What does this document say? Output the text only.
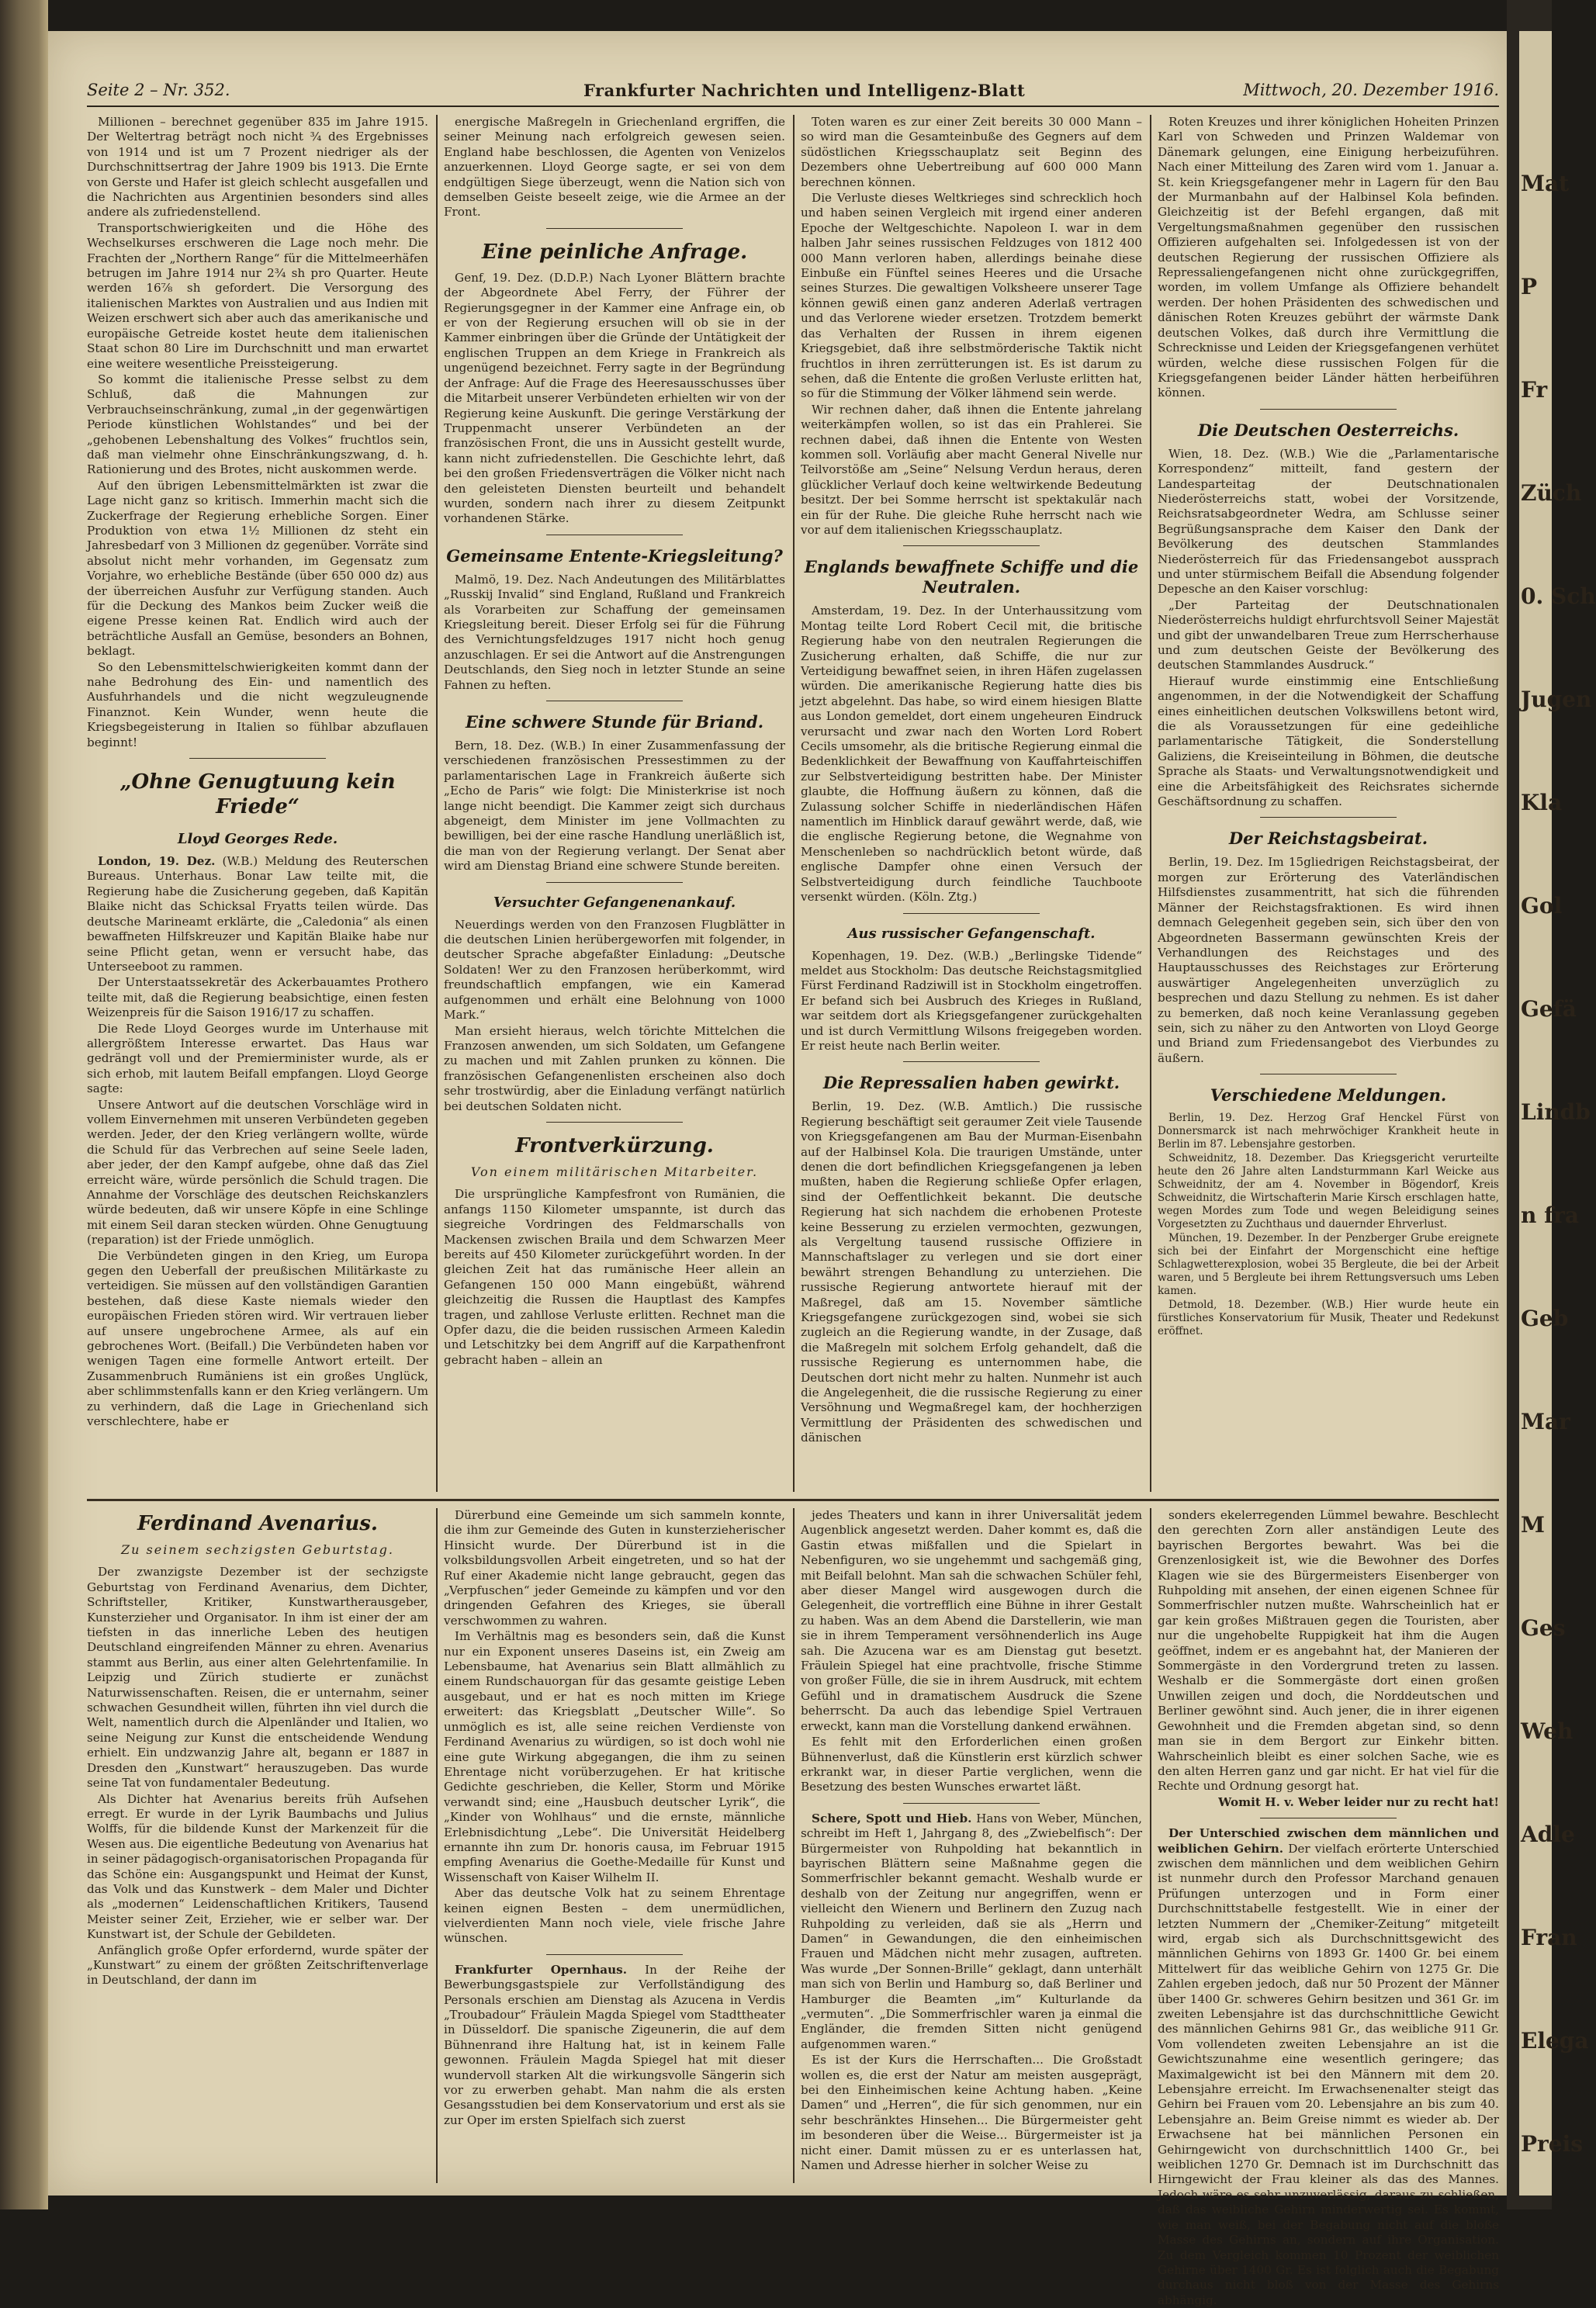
Mat
P
Fr
Züch
0. Sch
Jugen
Kla
Gol
Gefä
Lindb
n fra
Geb
Mar
M
Ges
Weh
Adle
Fran
Elega
Preis
Seite 2 – Nr. 352.	Frankfurter Nachrichten und Intelligenz-Blatt	Mittwoch, 20. Dezember 1916.

Millionen – berechnet gegenüber 835 im Jahre 1915. Der Weltertrag beträgt noch nicht ¾ des Ergebnisses von 1914 und ist um 7 Prozent niedriger als der Durchschnittsertrag der Jahre 1909 bis 1913. Die Ernte von Gerste und Hafer ist gleich schlecht ausgefallen und die Nachrichten aus Argentinien besonders sind alles andere als zufriedenstellend.

Transportschwierigkeiten und die Höhe des Wechselkurses erschweren die Lage noch mehr. Die Frachten der „Northern Range“ für die Mittelmeerhäfen betrugen im Jahre 1914 nur 2¾ sh pro Quarter. Heute werden 16⅞ sh gefordert. Die Versorgung des italienischen Marktes von Australien und aus Indien mit Weizen erschwert sich aber auch das amerikanische und europäische Getreide kostet heute dem italienischen Staat schon 80 Lire im Durchschnitt und man erwartet eine weitere wesentliche Preissteigerung.

So kommt die italienische Presse selbst zu dem Schluß, daß die Mahnungen zur Verbrauchseinschränkung, zumal „in der gegenwärtigen Periode künstlichen Wohlstandes“ und bei der „gehobenen Lebenshaltung des Volkes“ fruchtlos sein, daß man vielmehr ohne Einschränkungszwang, d. h. Rationierung und des Brotes, nicht auskommen werde.

Auf den übrigen Lebensmittelmärkten ist zwar die Lage nicht ganz so kritisch. Immerhin macht sich die Zuckerfrage der Regierung erhebliche Sorgen. Einer Produktion von etwa 1½ Millionen dz steht ein Jahresbedarf von 3 Millionen dz gegenüber. Vorräte sind absolut nicht mehr vorhanden, im Gegensatz zum Vorjahre, wo erhebliche Bestände (über 650 000 dz) aus der überreichen Ausfuhr zur Verfügung standen. Auch für die Deckung des Mankos beim Zucker weiß die eigene Presse keinen Rat. Endlich wird auch der beträchtliche Ausfall an Gemüse, besonders an Bohnen, beklagt.

So den Lebensmittelschwierigkeiten kommt dann der nahe Bedrohung des Ein- und namentlich des Ausfuhrhandels und die nicht wegzuleugnende Finanznot. Kein Wunder, wenn heute die Kriegsbegeisterung in Italien so fühlbar abzuflauen beginnt!

„Ohne Genugtuung kein Friede“
Lloyd Georges Rede.

London, 19. Dez. (W.B.) Meldung des Reuterschen Bureaus. Unterhaus. Bonar Law teilte mit, die Regierung habe die Zusicherung gegeben, daß Kapitän Blaike nicht das Schicksal Fryatts teilen würde. Das deutsche Marineamt erklärte, die „Caledonia“ als einen bewaffneten Hilfskreuzer und Kapitän Blaike habe nur seine Pflicht getan, wenn er versucht habe, das Unterseeboot zu rammen.

Der Unterstaatssekretär des Ackerbauamtes Prothero teilte mit, daß die Regierung beabsichtige, einen festen Weizenpreis für die Saison 1916/17 zu schaffen.

Die Rede Lloyd Georges wurde im Unterhause mit allergrößtem Interesse erwartet. Das Haus war gedrängt voll und der Premierminister wurde, als er sich erhob, mit lautem Beifall empfangen. Lloyd George sagte:

Unsere Antwort auf die deutschen Vorschläge wird in vollem Einvernehmen mit unseren Verbündeten gegeben werden. Jeder, der den Krieg verlängern wollte, würde die Schuld für das Verbrechen auf seine Seele laden, aber jeder, der den Kampf aufgebe, ohne daß das Ziel erreicht wäre, würde persönlich die Schuld tragen. Die Annahme der Vorschläge des deutschen Reichskanzlers würde bedeuten, daß wir unsere Köpfe in eine Schlinge mit einem Seil daran stecken würden. Ohne Genugtuung (reparation) ist der Friede unmöglich.

Die Verbündeten gingen in den Krieg, um Europa gegen den Ueberfall der preußischen Militärkaste zu verteidigen. Sie müssen auf den vollständigen Garantien bestehen, daß diese Kaste niemals wieder den europäischen Frieden stören wird. Wir vertrauen lieber auf unsere ungebrochene Armee, als auf ein gebrochenes Wort. (Beifall.) Die Verbündeten haben vor wenigen Tagen eine formelle Antwort erteilt. Der Zusammenbruch Rumäniens ist ein großes Unglück, aber schlimmstenfalls kann er den Krieg verlängern. Um zu verhindern, daß die Lage in Griechenland sich verschlechtere, habe er

energische Maßregeln in Griechenland ergriffen, die seiner Meinung nach erfolgreich gewesen seien. England habe beschlossen, die Agenten von Venizelos anzuerkennen. Lloyd George sagte, er sei von dem endgültigen Siege überzeugt, wenn die Nation sich von demselben Geiste beseelt zeige, wie die Armee an der Front.

Eine peinliche Anfrage.

Genf, 19. Dez. (D.D.P.) Nach Lyoner Blättern brachte der Abgeordnete Abel Ferry, der Führer der Regierungsgegner in der Kammer eine Anfrage ein, ob er von der Regierung ersuchen will ob sie in der Kammer einbringen über die Gründe der Untätigkeit der englischen Truppen an dem Kriege in Frankreich als ungenügend bezeichnet. Ferry sagte in der Begründung der Anfrage: Auf die Frage des Heeresausschusses über die Mitarbeit unserer Verbündeten erhielten wir von der Regierung keine Auskunft. Die geringe Verstärkung der Truppenmacht unserer Verbündeten an der französischen Front, die uns in Aussicht gestellt wurde, kann nicht zufriedenstellen. Die Geschichte lehrt, daß bei den großen Friedensverträgen die Völker nicht nach den geleisteten Diensten beurteilt und behandelt wurden, sondern nach ihrer zu diesem Zeitpunkt vorhandenen Stärke.

Gemeinsame Entente-Kriegsleitung?

Malmö, 19. Dez. Nach Andeutungen des Militärblattes „Russkij Invalid“ sind England, Rußland und Frankreich als Vorarbeiten zur Schaffung der gemeinsamen Kriegsleitung bereit. Dieser Erfolg sei für die Führung des Vernichtungsfeldzuges 1917 nicht hoch genug anzuschlagen. Er sei die Antwort auf die Anstrengungen Deutschlands, den Sieg noch in letzter Stunde an seine Fahnen zu heften.

Eine schwere Stunde für Briand.

Bern, 18. Dez. (W.B.) In einer Zusammenfassung der verschiedenen französischen Pressestimmen zu der parlamentarischen Lage in Frankreich äußerte sich „Echo de Paris“ wie folgt: Die Ministerkrise ist noch lange nicht beendigt. Die Kammer zeigt sich durchaus abgeneigt, dem Minister im jene Vollmachten zu bewilligen, bei der eine rasche Handlung unerläßlich ist, die man von der Regierung verlangt. Der Senat aber wird am Dienstag Briand eine schwere Stunde bereiten.

Versuchter Gefangenenankauf.

Neuerdings werden von den Franzosen Flugblätter in die deutschen Linien herübergeworfen mit folgender, in deutscher Sprache abgefaßter Einladung: „Deutsche Soldaten! Wer zu den Franzosen herüberkommt, wird freundschaftlich empfangen, wie ein Kamerad aufgenommen und erhält eine Belohnung von 1000 Mark.“

Man ersieht hieraus, welch törichte Mittelchen die Franzosen anwenden, um sich Soldaten, um Gefangene zu machen und mit Zahlen prunken zu können. Die französischen Gefangenenlisten erscheinen also doch sehr trostwürdig, aber die Einladung verfängt natürlich bei deutschen Soldaten nicht.

Frontverkürzung.
Von einem militärischen Mitarbeiter.

Die ursprüngliche Kampfesfront von Rumänien, die anfangs 1150 Kilometer umspannte, ist durch das siegreiche Vordringen des Feldmarschalls von Mackensen zwischen Braila und dem Schwarzen Meer bereits auf 450 Kilometer zurückgeführt worden. In der gleichen Zeit hat das rumänische Heer allein an Gefangenen 150 000 Mann eingebüßt, während gleichzeitig die Russen die Hauptlast des Kampfes tragen, und zahllose Verluste erlitten. Rechnet man die Opfer dazu, die die beiden russischen Armeen Kaledin und Letschitzky bei dem Angriff auf die Karpathenfront gebracht haben – allein an

Toten waren es zur einer Zeit bereits 30 000 Mann – so wird man die Gesamteinbuße des Gegners auf dem südöstlichen Kriegsschauplatz seit Beginn des Dezembers ohne Uebertreibung auf 600 000 Mann berechnen können.

Die Verluste dieses Weltkrieges sind schrecklich hoch und haben seinen Vergleich mit irgend einer anderen Epoche der Weltgeschichte. Napoleon I. war in dem halben Jahr seines russischen Feldzuges von 1812 400 000 Mann verloren haben, allerdings beinahe diese Einbuße ein Fünftel seines Heeres und die Ursache seines Sturzes. Die gewaltigen Volksheere unserer Tage können gewiß einen ganz anderen Aderlaß vertragen und das Verlorene wieder ersetzen. Trotzdem bemerkt das Verhalten der Russen in ihrem eigenen Kriegsgebiet, daß ihre selbstmörderische Taktik nicht fruchtlos in ihren zerrütterungen ist. Es ist darum zu sehen, daß die Entente die großen Verluste erlitten hat, so für die Stimmung der Völker lähmend sein werde.

Wir rechnen daher, daß ihnen die Entente jahrelang weiterkämpfen wollen, so ist das ein Prahlerei. Sie rechnen dabei, daß ihnen die Entente von Westen kommen soll. Vorläufig aber macht General Nivelle nur Teilvorstöße am „Seine“ Nelsung Verdun heraus, deren glücklicher Verlauf doch keine weltwirkende Bedeutung besitzt. Der bei Somme herrscht ist spektakulär nach ein für der Ruhe. Die gleiche Ruhe herrscht nach wie vor auf dem italienischen Kriegsschauplatz.

Englands bewaffnete Schiffe und die Neutralen.

Amsterdam, 19. Dez. In der Unterhaussitzung vom Montag teilte Lord Robert Cecil mit, die britische Regierung habe von den neutralen Regierungen die Zusicherung erhalten, daß Schiffe, die nur zur Verteidigung bewaffnet seien, in ihren Häfen zugelassen würden. Die amerikanische Regierung hatte dies bis jetzt abgelehnt. Das habe, so wird einem hiesigen Blatte aus London gemeldet, dort einem ungeheuren Eindruck verursacht und zwar nach den Worten Lord Robert Cecils umsomehr, als die britische Regierung einmal die Bedenklichkeit der Bewaffnung von Kauffahrteischiffen zur Selbstverteidigung bestritten habe. Der Minister glaubte, die Hoffnung äußern zu können, daß die Zulassung solcher Schiffe in niederländischen Häfen namentlich im Hinblick darauf gewährt werde, daß, wie die englische Regierung betone, die Wegnahme von Menschenleben so nachdrücklich betont würde, daß englische Dampfer ohne einen Versuch der Selbstverteidigung durch feindliche Tauchboote versenkt würden. (Köln. Ztg.)

Aus russischer Gefangenschaft.

Kopenhagen, 19. Dez. (W.B.) „Berlingske Tidende“ meldet aus Stockholm: Das deutsche Reichstagsmitglied Fürst Ferdinand Radziwill ist in Stockholm eingetroffen. Er befand sich bei Ausbruch des Krieges in Rußland, war seitdem dort als Kriegsgefangener zurückgehalten und ist durch Vermittlung Wilsons freigegeben worden. Er reist heute nach Berlin weiter.

Die Repressalien haben gewirkt.

Berlin, 19. Dez. (W.B. Amtlich.) Die russische Regierung beschäftigt seit geraumer Zeit viele Tausende von Kriegsgefangenen am Bau der Murman-Eisenbahn auf der Halbinsel Kola. Die traurigen Umstände, unter denen die dort befindlichen Kriegsgefangenen ja leben mußten, haben die Regierung schließe Opfer erlagen, sind der Oeffentlichkeit bekannt. Die deutsche Regierung hat sich nachdem die erhobenen Proteste keine Besserung zu erzielen vermochten, gezwungen, als Vergeltung tausend russische Offiziere in Mannschaftslager zu verlegen und sie dort einer bewährt strengen Behandlung zu unterziehen. Die russische Regierung antwortete hierauf mit der Maßregel, daß am 15. November sämtliche Kriegsgefangene zurückgezogen sind, wobei sie sich zugleich an die Regierung wandte, in der Zusage, daß die Maßregeln mit solchem Erfolg gehandelt, daß die russische Regierung es unternommen habe, die Deutschen dort nicht mehr zu halten. Nunmehr ist auch die Angelegenheit, die die russische Regierung zu einer Versöhnung und Wegmaßregel kam, der hochherzigen Vermittlung der Präsidenten des schwedischen und dänischen

Roten Kreuzes und ihrer königlichen Hoheiten Prinzen Karl von Schweden und Prinzen Waldemar von Dänemark gelungen, eine Einigung herbeizuführen. Nach einer Mitteilung des Zaren wird vom 1. Januar a. St. kein Kriegsgefangener mehr in Lagern für den Bau der Murmanbahn auf der Halbinsel Kola befinden. Gleichzeitig ist der Befehl ergangen, daß mit Vergeltungsmaßnahmen gegenüber den russischen Offizieren aufgehalten sei. Infolgedessen ist von der deutschen Regierung der russischen Offiziere als Repressaliengefangenen nicht ohne zurückgegriffen, worden, im vollem Umfange als Offiziere behandelt werden. Der hohen Präsidenten des schwedischen und dänischen Roten Kreuzes gebührt der wärmste Dank deutschen Volkes, daß durch ihre Vermittlung die Schrecknisse und Leiden der Kriegsgefangenen verhütet würden, welche diese russischen Folgen für die Kriegsgefangenen beider Länder hätten herbeiführen können.

Die Deutschen Oesterreichs.

Wien, 18. Dez. (W.B.) Wie die „Parlamentarische Korrespondenz“ mitteilt, fand gestern der Landesparteitag der Deutschnationalen Niederösterreichs statt, wobei der Vorsitzende, Reichsratsabgeordneter Wedra, am Schlusse seiner Begrüßungsansprache dem Kaiser den Dank der Bevölkerung des deutschen Stammlandes Niederösterreich für das Friedensangebot aussprach und unter stürmischem Beifall die Absendung folgender Depesche an den Kaiser vorschlug:

„Der Parteitag der Deutschnationalen Niederösterreichs huldigt ehrfurchtsvoll Seiner Majestät und gibt der unwandelbaren Treue zum Herrscherhause und zum deutschen Geiste der Bevölkerung des deutschen Stammlandes Ausdruck.“

Hierauf wurde einstimmig eine Entschließung angenommen, in der die Notwendigkeit der Schaffung eines einheitlichen deutschen Volkswillens betont wird, die als Voraussetzungen für eine gedeihliche parlamentarische Tätigkeit, die Sonderstellung Galiziens, die Kreiseinteilung in Böhmen, die deutsche Sprache als Staats- und Verwaltungsnotwendigkeit und eine die Arbeitsfähigkeit des Reichsrates sichernde Geschäftsordnung zu schaffen.

Der Reichstagsbeirat.

Berlin, 19. Dez. Im 15gliedrigen Reichstagsbeirat, der morgen zur Erörterung des Vaterländischen Hilfsdienstes zusammentritt, hat sich die führenden Männer der Reichstagsfraktionen. Es wird ihnen demnach Gelegenheit gegeben sein, sich über den von Abgeordneten Bassermann gewünschten Kreis der Verhandlungen des Reichstages und des Hauptausschusses des Reichstages zur Erörterung auswärtiger Angelegenheiten unverzüglich zu besprechen und dazu Stellung zu nehmen. Es ist daher zu bemerken, daß noch keine Veranlassung gegeben sein, sich zu näher zu den Antworten von Lloyd George und Briand zum Friedensangebot des Vierbundes zu äußern.

Verschiedene Meldungen.

Berlin, 19. Dez. Herzog Graf Henckel Fürst von Donnersmarck ist nach mehrwöchiger Krankheit heute in Berlin im 87. Lebensjahre gestorben.

Schweidnitz, 18. Dezember. Das Kriegsgericht verurteilte heute den 26 Jahre alten Landsturmmann Karl Weicke aus Schweidnitz, der am 4. November in Bögendorf, Kreis Schweidnitz, die Wirtschafterin Marie Kirsch erschlagen hatte, wegen Mordes zum Tode und wegen Beleidigung seines Vorgesetzten zu Zuchthaus und dauernder Ehrverlust.

München, 19. Dezember. In der Penzberger Grube ereignete sich bei der Einfahrt der Morgenschicht eine heftige Schlagwetterexplosion, wobei 35 Bergleute, die bei der Arbeit waren, und 5 Bergleute bei ihrem Rettungsversuch ums Leben kamen.

Detmold, 18. Dezember. (W.B.) Hier wurde heute ein fürstliches Konservatorium für Musik, Theater und Redekunst eröffnet.

Ferdinand Avenarius.
Zu seinem sechzigsten Geburtstag.

Der zwanzigste Dezember ist der sechzigste Geburtstag von Ferdinand Avenarius, dem Dichter, Schriftsteller, Kritiker, Kunstwartherausgeber, Kunsterzieher und Organisator. In ihm ist einer der am tiefsten in das innerliche Leben des heutigen Deutschland eingreifenden Männer zu ehren. Avenarius stammt aus Berlin, aus einer alten Gelehrtenfamilie. In Leipzig und Zürich studierte er zunächst Naturwissenschaften. Reisen, die er unternahm, seiner schwachen Gesundheit willen, führten ihn viel durch die Welt, namentlich durch die Alpenländer und Italien, wo seine Neigung zur Kunst die entscheidende Wendung erhielt. Ein undzwanzig Jahre alt, begann er 1887 in Dresden den „Kunstwart“ herauszugeben. Das wurde seine Tat von fundamentaler Bedeutung.

Als Dichter hat Avenarius bereits früh Aufsehen erregt. Er wurde in der Lyrik Baumbachs und Julius Wolffs, für die bildende Kunst der Markenzeit für die Wesen aus. Die eigentliche Bedeutung von Avenarius hat in seiner pädagogisch-organisatorischen Propaganda für das Schöne ein: Ausgangspunkt und Heimat der Kunst, das Volk und das Kunstwerk – dem Maler und Dichter als „modernen“ Leidenschaftlichen Kritikers, Tausend Meister seiner Zeit, Erzieher, wie er selber war. Der Kunstwart ist, der Schule der Gebildeten.

Anfänglich große Opfer erfordernd, wurde später der „Kunstwart“ zu einem der größten Zeitschriftenverlage in Deutschland, der dann im

Dürerbund eine Gemeinde um sich sammeln konnte, die ihm zur Gemeinde des Guten in kunsterzieherischer Hinsicht wurde. Der Dürerbund ist in die volksbildungsvollen Arbeit eingetreten, und so hat der Ruf einer Akademie nicht lange gebraucht, gegen das „Verpfuschen“ jeder Gemeinde zu kämpfen und vor den dringenden Gefahren des Krieges, sie überall verschwommen zu wahren.

Im Verhältnis mag es besonders sein, daß die Kunst nur ein Exponent unseres Daseins ist, ein Zweig am Lebensbaume, hat Avenarius sein Blatt allmählich zu einem Rundschauorgan für das gesamte geistige Leben ausgebaut, und er hat es noch mitten im Kriege erweitert: das Kriegsblatt „Deutscher Wille“. So unmöglich es ist, alle seine reichen Verdienste von Ferdinand Avenarius zu würdigen, so ist doch wohl nie eine gute Wirkung abgegangen, die ihm zu seinen Ehrentage nicht vorüberzugehen. Er hat kritische Gedichte geschrieben, die Keller, Storm und Mörike verwandt sind; eine „Hausbuch deutscher Lyrik“, die „Kinder von Wohlhaus“ und die ernste, männliche Erlebnisdichtung „Lebe“. Die Universität Heidelberg ernannte ihn zum Dr. honoris causa, im Februar 1915 empfing Avenarius die Goethe-Medaille für Kunst und Wissenschaft von Kaiser Wilhelm II.

Aber das deutsche Volk hat zu seinem Ehrentage keinen eignen Besten – dem unermüdlichen, vielverdienten Mann noch viele, viele frische Jahre wünschen.

Frankfurter Opernhaus. In der Reihe der Bewerbungsgastspiele zur Verfollständigung des Personals erschien am Dienstag als Azucena in Verdis „Troubadour“ Fräulein Magda Spiegel vom Stadttheater in Düsseldorf. Die spanische Zigeunerin, die auf dem Bühnenrand ihre Haltung hat, ist in keinem Falle gewonnen. Fräulein Magda Spiegel hat mit dieser wundervoll starken Alt die wirkungsvolle Sängerin sich vor zu erwerben gehabt. Man nahm die als ersten Gesangsstudien bei dem Konservatorium und erst als sie zur Oper im ersten Spielfach sich zuerst

jedes Theaters und kann in ihrer Universalität jedem Augenblick angesetzt werden. Daher kommt es, daß die Gastin etwas mißfallen und die Spielart in Nebenfiguren, wo sie ungehemmt und sachgemäß ging, mit Beifall belohnt. Man sah die schwachen Schüler fehl, aber dieser Mangel wird ausgewogen durch die Gelegenheit, die vortrefflich eine Bühne in ihrer Gestalt zu haben. Was an dem Abend die Darstellerin, wie man sie in ihrem Temperament versöhnenderlich ins Auge sah. Die Azucena war es am Dienstag gut besetzt. Fräulein Spiegel hat eine prachtvolle, frische Stimme von großer Fülle, die sie in ihrem Ausdruck, mit echtem Gefühl und in dramatischem Ausdruck die Szene beherrscht. Da auch das lebendige Spiel Vertrauen erweckt, kann man die Vorstellung dankend erwähnen.

Es fehlt mit den Erforderlichen einen großen Bühnenverlust, daß die Künstlerin erst kürzlich schwer erkrankt war, in dieser Partie verglichen, wenn die Besetzung des besten Wunsches erwartet läßt.

Schere, Spott und Hieb. Hans von Weber, München, schreibt im Heft 1, Jahrgang 8, des „Zwiebelfisch“: Der Bürgermeister von Ruhpolding hat bekanntlich in bayrischen Blättern seine Maßnahme gegen die Sommerfrischler bekannt gemacht. Weshalb wurde er deshalb von der Zeitung nur angegriffen, wenn er vielleicht den Wienern und Berlinern den Zuzug nach Ruhpolding zu verleiden, daß sie als „Herrn und Damen“ in Gewandungen, die den einheimischen Frauen und Mädchen nicht mehr zusagen, auftreten. Was wurde „Der Sonnen-Brille“ geklagt, dann unterhält man sich von Berlin und Hamburg so, daß Berliner und Hamburger die Beamten „im“ Kulturlande da „vermuten“. „Die Sommerfrischler waren ja einmal die Engländer, die fremden Sitten nicht genügend aufgenommen waren.“

Es ist der Kurs die Herrschaften... Die Großstadt wollen es, die erst der Natur am meisten ausgeprägt, bei den Einheimischen keine Achtung haben. „Keine Damen“ und „Herren“, die für sich genommen, nur ein sehr beschränktes Hinsehen... Die Bürgermeister geht im besonderen über die Weise... Bürgermeister ist ja nicht einer. Damit müssen zu er es unterlassen hat, Namen und Adresse hierher in solcher Weise zu

sonders ekelerregenden Lümmel bewahre. Beschlecht den gerechten Zorn aller anständigen Leute des bayrischen Bergortes bewahrt. Was bei die Grenzenlosigkeit ist, wie die Bewohner des Dorfes Klagen wie sie des Bürgermeisters Eisenberger von Ruhpolding mit ansehen, der einen eigenen Schnee für Sommerfrischler nutzen mußte. Wahrscheinlich hat er gar kein großes Mißtrauen gegen die Touristen, aber nur die ungehobelte Ruppigkeit hat ihm die Augen geöffnet, indem er es angebahnt hat, der Manieren der Sommergäste in den Vordergrund treten zu lassen. Weshalb er die Sommergäste dort einen großen Unwillen zeigen und doch, die Norddeutschen und Berliner gewöhnt sind. Auch jener, die in ihrer eigenen Gewohnheit und die Fremden abgetan sind, so denn man sie in dem Bergort zur Einkehr bitten. Wahrscheinlich bleibt es einer solchen Sache, wie es den alten Herren ganz und gar nicht. Er hat viel für die Rechte und Ordnung gesorgt hat.

Womit H. v. Weber leider nur zu recht hat!

Der Unterschied zwischen dem männlichen und weiblichen Gehirn. Der vielfach erörterte Unterschied zwischen dem männlichen und dem weiblichen Gehirn ist nunmehr durch den Professor Marchand genauen Prüfungen unterzogen und in Form einer Durchschnittstabelle festgestellt. Wie in einer der letzten Nummern der „Chemiker-Zeitung“ mitgeteilt wird, ergab sich als Durchschnittsgewicht des männlichen Gehirns von 1893 Gr. 1400 Gr. bei einem Mittelwert für das weibliche Gehirn von 1275 Gr. Die Zahlen ergeben jedoch, daß nur 50 Prozent der Männer über 1400 Gr. schweres Gehirn besitzen und 361 Gr. im zweiten Lebensjahre ist das durchschnittliche Gewicht des männlichen Gehirns 981 Gr., das weibliche 911 Gr. Vom vollendeten zweiten Lebensjahre an ist die Gewichtszunahme eine wesentlich geringere; das Maximalgewicht ist bei den Männern mit dem 20. Lebensjahre erreicht. Im Erwachsenenalter steigt das Gehirn bei Frauen vom 20. Lebensjahre an bis zum 40. Lebensjahre an. Beim Greise nimmt es wieder ab. Der Erwachsene hat bei männlichen Personen ein Gehirngewicht von durchschnittlich 1400 Gr., bei weiblichen 1270 Gr. Demnach ist im Durchschnitt das Hirngewicht der Frau kleiner als das des Mannes. Jedoch wäre es sehr unzuverlässig, daraus zu schließen, daß das weibliche Gehirn minderwertig sei. Es kommt, wie man weiß, bei der Begabung nicht auf die bloße Masse des Gehirns an, sondern auf ihre Organisation. Zu dem Vergleich kommen 10 Prozent der weiblichen Gehirne über 1400 Gr. Es ist folglich auch die Begabung durchaus nicht bloß von der Masse des Gehirns abhängig.
